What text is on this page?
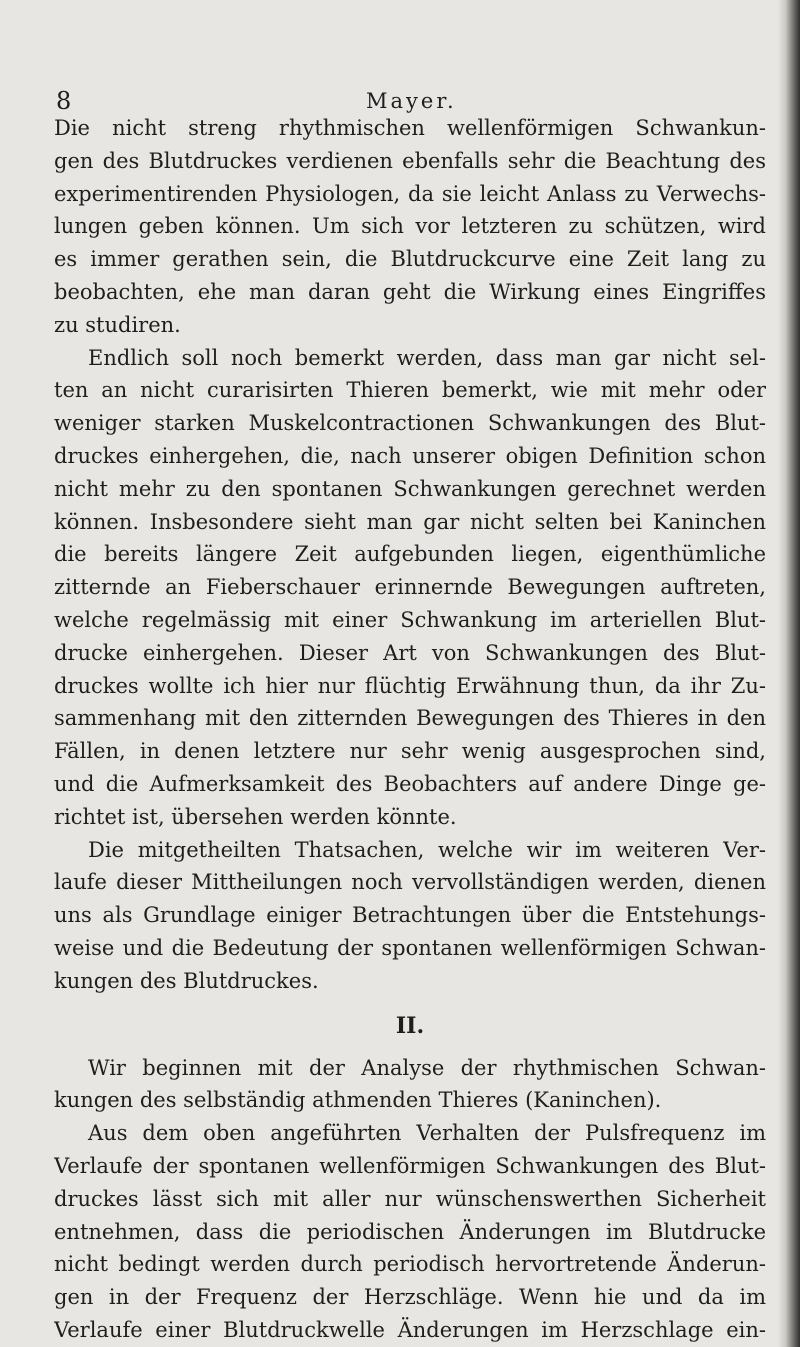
8	Mayer.
Die nicht streng rhythmischen wellenförmigen Schwankun-
gen des Blutdruckes verdienen ebenfalls sehr die Beachtung des
experimentirenden Physiologen, da sie leicht Anlass zu Verwechs-
lungen geben können. Um sich vor letzteren zu schützen, wird
es immer gerathen sein, die Blutdruckcurve eine Zeit lang zu
beobachten, ehe man daran geht die Wirkung eines Eingriffes
zu studiren.
Endlich soll noch bemerkt werden, dass man gar nicht sel-
ten an nicht curarisirten Thieren bemerkt, wie mit mehr oder
weniger starken Muskelcontractionen Schwankungen des Blut-
druckes einhergehen, die, nach unserer obigen Definition schon
nicht mehr zu den spontanen Schwankungen gerechnet werden
können. Insbesondere sieht man gar nicht selten bei Kaninchen
die bereits längere Zeit aufgebunden liegen, eigenthümliche
zitternde an Fieberschauer erinnernde Bewegungen auftreten,
welche regelmässig mit einer Schwankung im arteriellen Blut-
drucke einhergehen. Dieser Art von Schwankungen des Blut-
druckes wollte ich hier nur flüchtig Erwähnung thun, da ihr Zu-
sammenhang mit den zitternden Bewegungen des Thieres in den
Fällen, in denen letztere nur sehr wenig ausgesprochen sind,
und die Aufmerksamkeit des Beobachters auf andere Dinge ge-
richtet ist, übersehen werden könnte.
Die mitgetheilten Thatsachen, welche wir im weiteren Ver-
laufe dieser Mittheilungen noch vervollständigen werden, dienen
uns als Grundlage einiger Betrachtungen über die Entstehungs-
weise und die Bedeutung der spontanen wellenförmigen Schwan-
kungen des Blutdruckes.
II.
Wir beginnen mit der Analyse der rhythmischen Schwan-
kungen des selbständig athmenden Thieres (Kaninchen).
Aus dem oben angeführten Verhalten der Pulsfrequenz im
Verlaufe der spontanen wellenförmigen Schwankungen des Blut-
druckes lässt sich mit aller nur wünschenswerthen Sicherheit
entnehmen, dass die periodischen Änderungen im Blutdrucke
nicht bedingt werden durch periodisch hervortretende Änderun-
gen in der Frequenz der Herzschläge. Wenn hie und da im
Verlaufe einer Blutdruckwelle Änderungen im Herzschlage ein-
